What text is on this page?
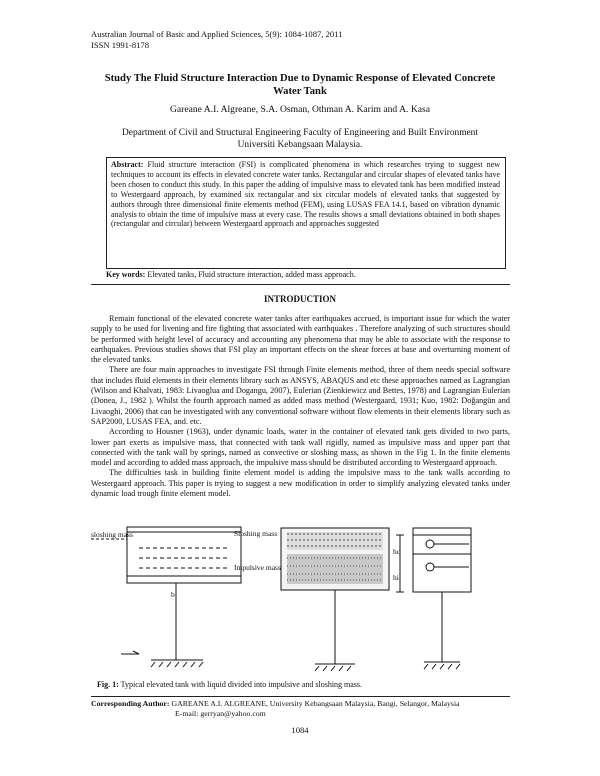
Australian Journal of Basic and Applied Sciences, 5(9): 1084-1087, 2011
ISSN 1991-8178
Study The Fluid Structure Interaction Due to Dynamic Response of Elevated Concrete
Water Tank
Gareane A.I. Algreane, S.A. Osman, Othman A. Karim and A. Kasa
Department of Civil and Structural Engineering Faculty of Engineering and Built Environment
Universiti Kebangsaan Malaysia.
Abstract: Fluid structure interaction (FSI) is complicated phenomena in which researches trying to suggest new techniques to account its effects in elevated concrete water tanks. Rectangular and circular shapes of elevated tanks have been chosen to conduct this study. In this paper the adding of impulsive mass to elevated tank has been modified instead to Westergaard approach, by examined six rectangular and six circular models of elevated tanks that suggested by authors through three dimensional finite elements method (FEM), using LUSAS FEA 14.1, based on vibration dynamic analysis to obtain the time of impulsive mass at every case. The results shows a small deviations obtained in both shapes (rectangular and circular) between Westergaard approach and approaches suggested
Key words: Elevated tanks, Fluid structure interaction, added mass approach.
INTRODUCTION

Remain functional of the elevated concrete water tanks after earthquakes accrued, is important issue for which the water supply to be used for livening and fire fighting that associated with earthquakes . Therefore analyzing of such structures should be performed with height level of accuracy and accounting any phenomena that may be able to associate with the response to earthquakes. Previous studies shows that FSI play an important effects on the shear forces at base and overturning moment of the elevated tanks.

There are four main approaches to investigate FSI through Finite elements method, three of them needs special software that includes fluid elements in their elements library such as ANSYS, ABAQUS and etc these approaches named as Lagrangian (Wilson and Khalvati, 1983: Livaoglua and Dogangu, 2007), Eulerian (Zienkiewicz and Bettes, 1978) and Lagrangian Eulerian (Donea, J., 1982 ). Whilst the fourth approach named as added mass method (Westergaard, 1931; Kuo, 1982: Doğangün and Livaoghi, 2006) that can be investigated with any conventional software without flow elements in their elements library such as SAP2000, LUSAS FEA, and. etc.

According to Housner (1963), under dynamic loads, water in the container of elevated tank gets divided to two parts, lower part exerts as impulsive mass, that connected with tank wall rigidly, named as impulsive mass and upper part that connected with the tank wall by springs, named as convective or sloshing mass, as shown in the Fig 1. In the finite elements model and according to added mass approach, the impulsive mass should be distributed according to Westergaard approach.

The difficulties task in building finite element model is adding the impulsive mass to the tank walls according to Westergaard approach. This paper is trying to suggest a new modification in order to simplify analyzing elevated tanks under dynamic load trough finite element model.

sloshing mass
b
Sloshing mass
Impulsive mass
hc
hi
Fig. 1: Typical elevated tank with liquid divided into impulsive and sloshing mass.
Corresponding Author: GAREANE A.I. ALGREANE, University Kebangsaan Malaysia, Bangi, Selangor, Malaysia
E-mail: gerryan@yahoo.com
1084
